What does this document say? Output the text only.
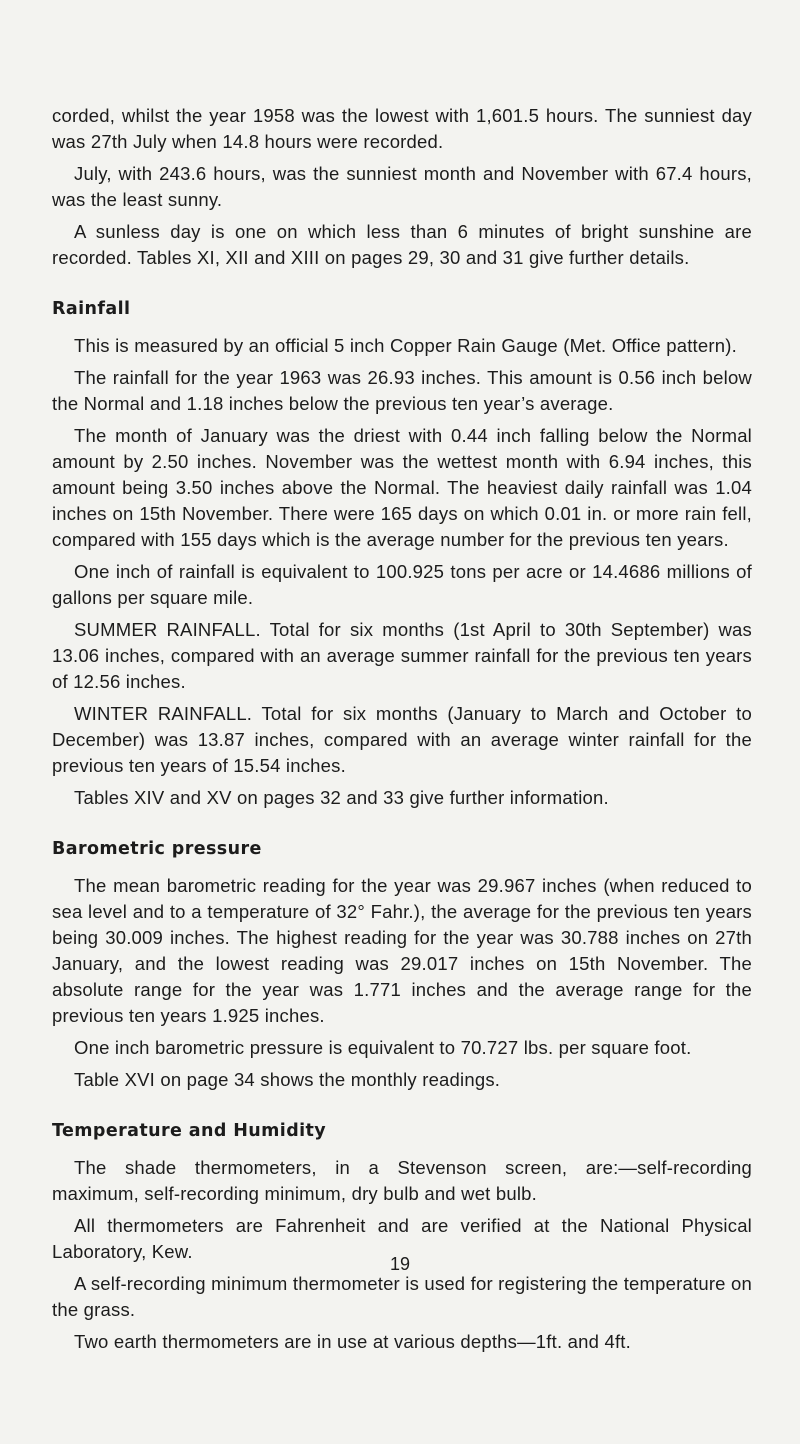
corded, whilst the year 1958 was the lowest with 1,601.5 hours. The sunniest day was 27th July when 14.8 hours were recorded.

July, with 243.6 hours, was the sunniest month and November with 67.4 hours, was the least sunny.

A sunless day is one on which less than 6 minutes of bright sunshine are recorded. Tables XI, XII and XIII on pages 29, 30 and 31 give further details.

Rainfall

This is measured by an official 5 inch Copper Rain Gauge (Met. Office pattern).

The rainfall for the year 1963 was 26.93 inches. This amount is 0.56 inch below the Normal and 1.18 inches below the previous ten year’s average.

The month of January was the driest with 0.44 inch falling below the Normal amount by 2.50 inches. November was the wettest month with 6.94 inches, this amount being 3.50 inches above the Normal. The heaviest daily rainfall was 1.04 inches on 15th November. There were 165 days on which 0.01 in. or more rain fell, compared with 155 days which is the average number for the previous ten years.

One inch of rainfall is equivalent to 100.925 tons per acre or 14.4686 millions of gallons per square mile.

SUMMER RAINFALL. Total for six months (1st April to 30th September) was 13.06 inches, compared with an average summer rainfall for the previous ten years of 12.56 inches.

WINTER RAINFALL. Total for six months (January to March and October to December) was 13.87 inches, compared with an average winter rainfall for the previous ten years of 15.54 inches.

Tables XIV and XV on pages 32 and 33 give further information.

Barometric pressure

The mean barometric reading for the year was 29.967 inches (when reduced to sea level and to a temperature of 32° Fahr.), the average for the previous ten years being 30.009 inches. The highest reading for the year was 30.788 inches on 27th January, and the lowest reading was 29.017 inches on 15th November. The absolute range for the year was 1.771 inches and the average range for the previous ten years 1.925 inches.

One inch barometric pressure is equivalent to 70.727 lbs. per square foot.

Table XVI on page 34 shows the monthly readings.

Temperature and Humidity

The shade thermometers, in a Stevenson screen, are:—self-recording maximum, self-recording minimum, dry bulb and wet bulb.

All thermometers are Fahrenheit and are verified at the National Physical Laboratory, Kew.

A self-recording minimum thermometer is used for registering the temperature on the grass.

Two earth thermometers are in use at various depths—1ft. and 4ft.

19
